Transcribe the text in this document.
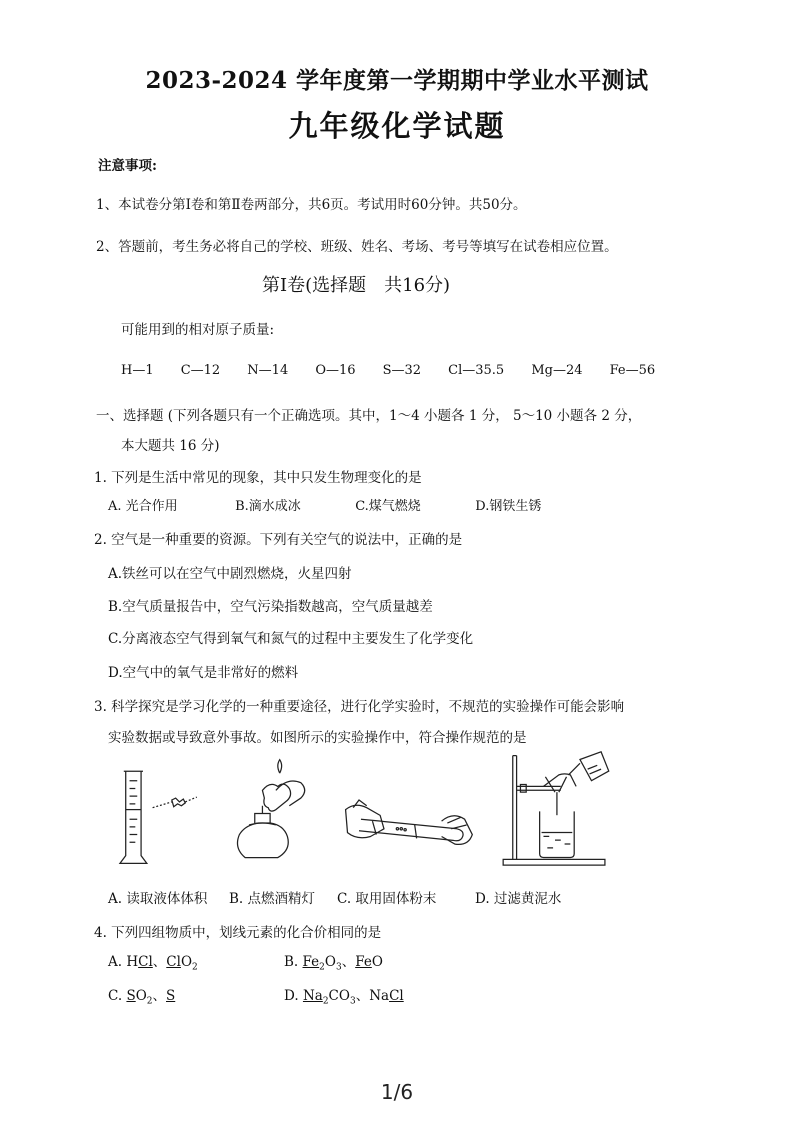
2023-2024 学年度第一学期期中学业水平测试
九年级化学试题
注意事项:
1、本试卷分第Ⅰ卷和第Ⅱ卷两部分，共6页。考试用时60分钟。共50分。
2、答题前，考生务必将自己的学校、班级、姓名、考场、考号等填写在试卷相应位置。
第Ⅰ卷(选择题　共16分)
可能用到的相对原子质量:
H—1 C—12 N—14 O—16 S—32 Cl—35.5 Mg—24 Fe—56
一、选择题 (下列各题只有一个正确选项。其中，1～4 小题各 1 分， 5～10 小题各 2 分，
本大题共 16 分)
1. 下列是生活中常见的现象，其中只发生物理变化的是
A. 光合作用	B.滴水成冰	C.煤气燃烧	D.钢铁生锈
2. 空气是一种重要的资源。下列有关空气的说法中，正确的是
A.铁丝可以在空气中剧烈燃烧，火星四射
B.空气质量报告中，空气污染指数越高，空气质量越差
C.分离液态空气得到氧气和氮气的过程中主要发生了化学变化
D.空气中的氧气是非常好的燃料
3. 科学探究是学习化学的一种重要途径，进行化学实验时，不规范的实验操作可能会影响
实验数据或导致意外事故。如图所示的实验操作中，符合操作规范的是
A. 读取液体体积 B. 点燃酒精灯 C. 取用固体粉末	D. 过滤黄泥水
4. 下列四组物质中，划线元素的化合价相同的是
A. HCl、ClO$_2$	B. $Fe_2O_3$、FeO
C. $SO_2$、S	D. $Na_2CO_3$、NaCl
1/6
